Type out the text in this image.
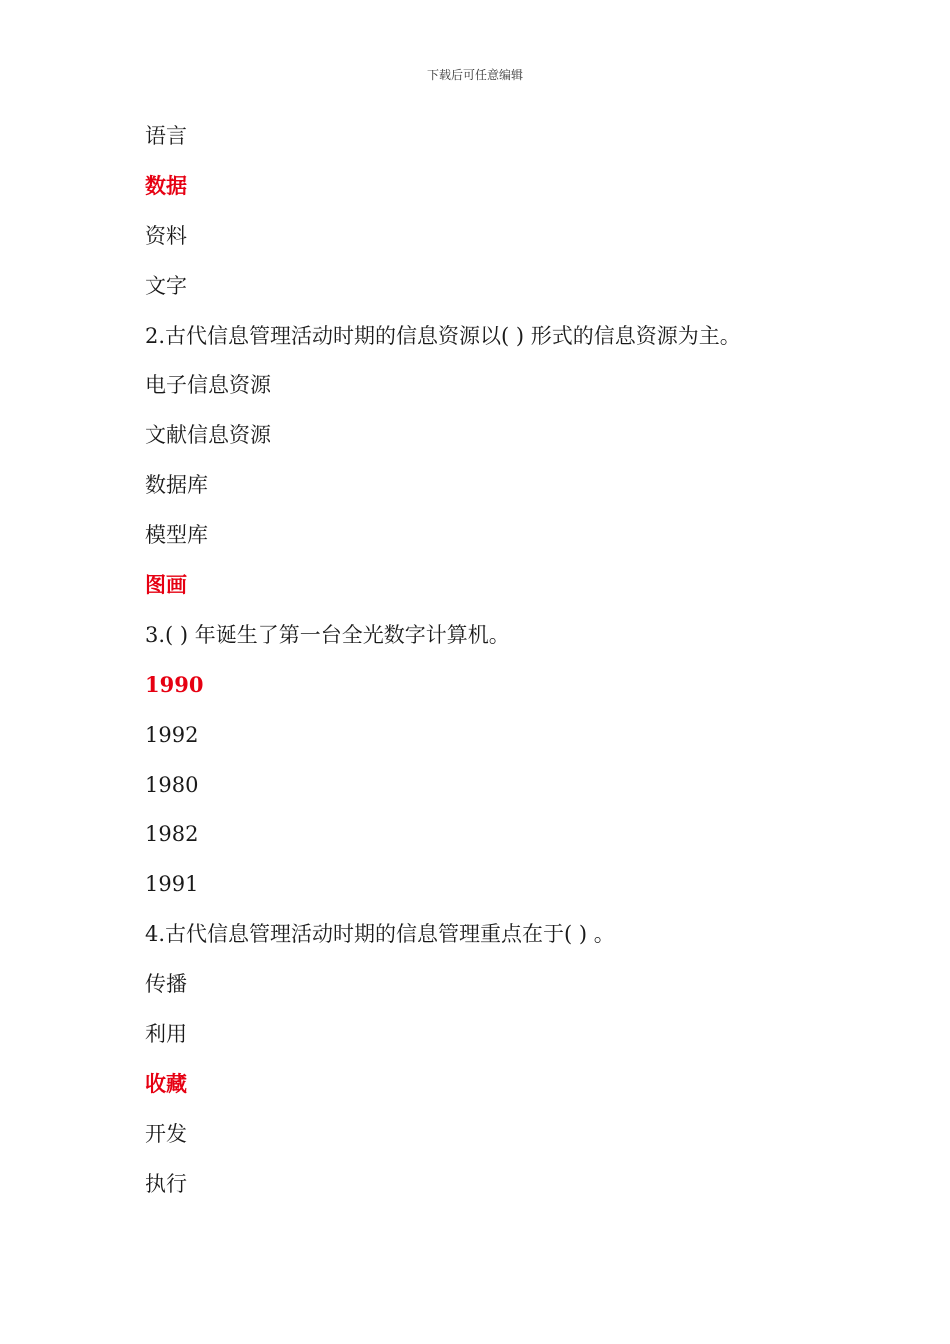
下载后可任意编辑
语言
数据
资料
文字
2.古代信息管理活动时期的信息资源以( ) 形式的信息资源为主。
电子信息资源
文献信息资源
数据库
模型库
图画
3.( ) 年诞生了第一台全光数字计算机。
1990
1992
1980
1982
1991
4.古代信息管理活动时期的信息管理重点在于( ) 。
传播
利用
收藏
开发
执行
